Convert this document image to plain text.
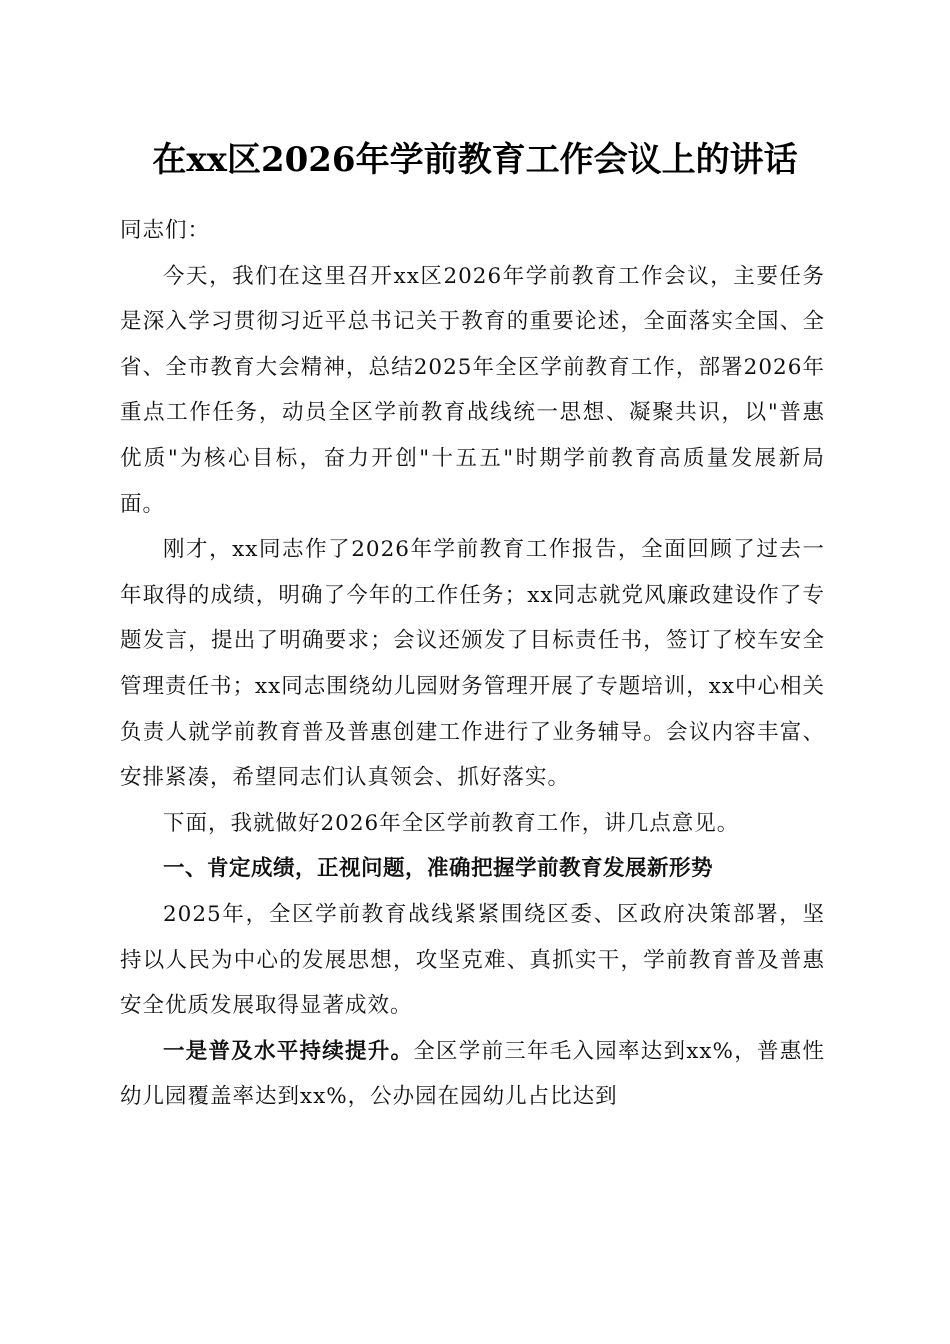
在xx区2026年学前教育工作会议上的讲话

同志们：

今天，我们在这里召开xx区2026年学前教育工作会议，主要任务是深入学习贯彻习近平总书记关于教育的重要论述，全面落实全国、全省、全市教育大会精神，总结2025年全区学前教育工作，部署2026年重点工作任务，动员全区学前教育战线统一思想、凝聚共识，以"普惠优质"为核心目标，奋力开创"十五五"时期学前教育高质量发展新局面。

刚才，xx同志作了2026年学前教育工作报告，全面回顾了过去一年取得的成绩，明确了今年的工作任务；xx同志就党风廉政建设作了专题发言，提出了明确要求；会议还颁发了目标责任书，签订了校车安全管理责任书；xx同志围绕幼儿园财务管理开展了专题培训，xx中心相关负责人就学前教育普及普惠创建工作进行了业务辅导。会议内容丰富、安排紧凑，希望同志们认真领会、抓好落实。

下面，我就做好2026年全区学前教育工作，讲几点意见。

一、肯定成绩，正视问题，准确把握学前教育发展新形势

2025年，全区学前教育战线紧紧围绕区委、区政府决策部署，坚持以人民为中心的发展思想，攻坚克难、真抓实干，学前教育普及普惠安全优质发展取得显著成效。

一是普及水平持续提升。全区学前三年毛入园率达到xx%，普惠性幼儿园覆盖率达到xx%，公办园在园幼儿占比达到
